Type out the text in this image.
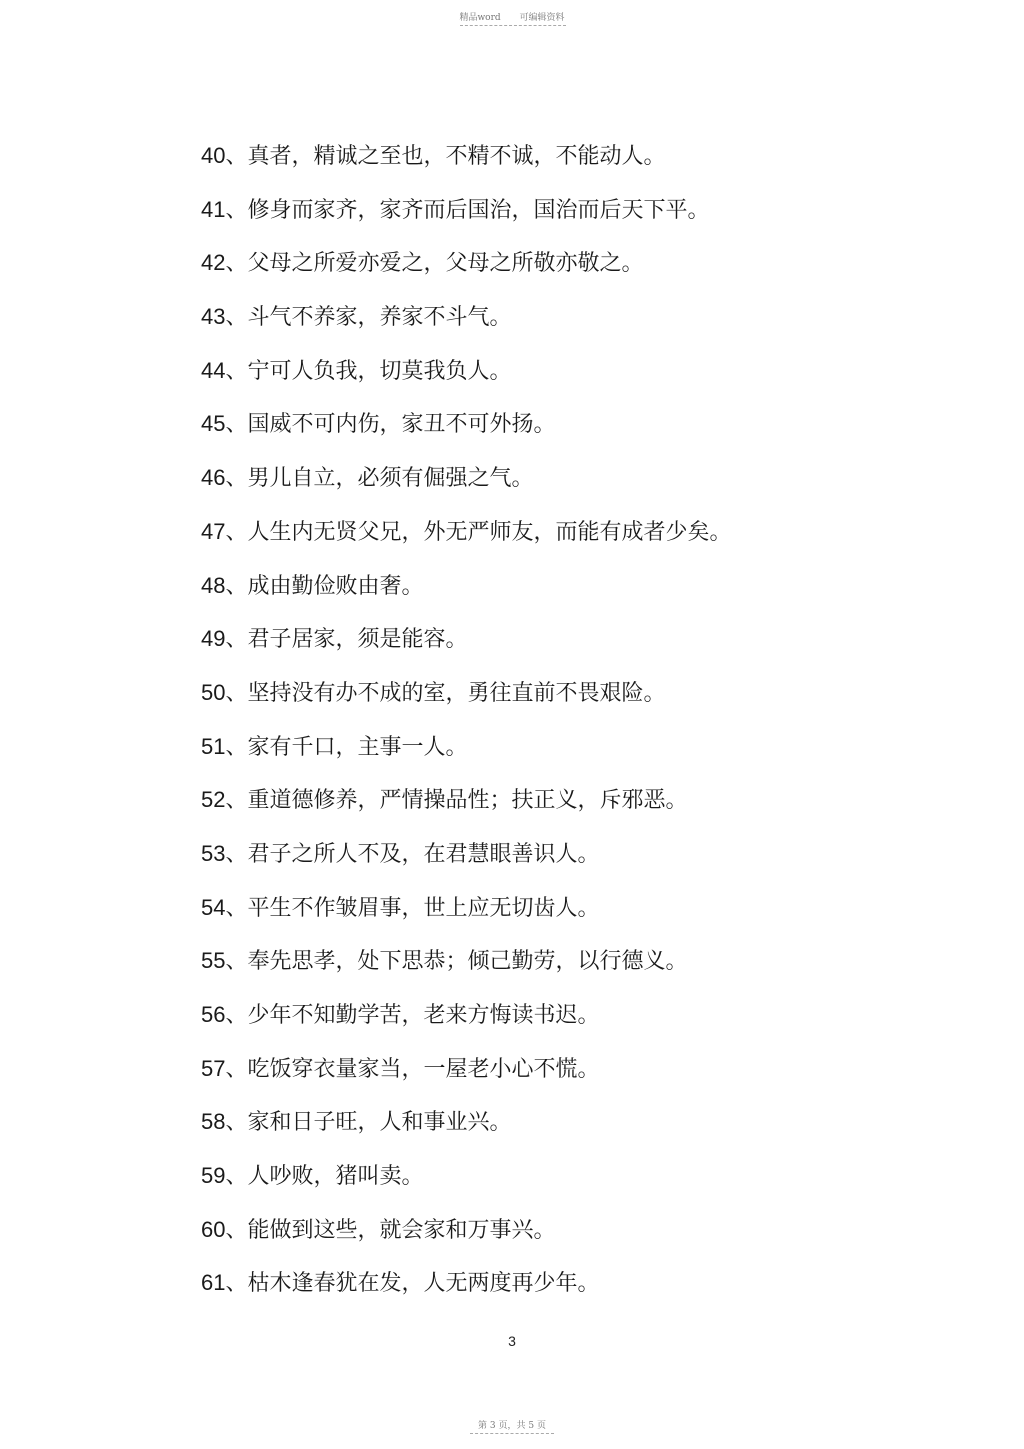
精品word 可编辑资料
40、真者，精诚之至也，不精不诚，不能动人。
41、修身而家齐，家齐而后国治，国治而后天下平。
42、父母之所爱亦爱之，父母之所敬亦敬之。
43、斗气不养家，养家不斗气。
44、宁可人负我，切莫我负人。
45、国威不可内伤，家丑不可外扬。
46、男儿自立，必须有倔强之气。
47、人生内无贤父兄，外无严师友，而能有成者少矣。
48、成由勤俭败由奢。
49、君子居家，须是能容。
50、坚持没有办不成的室，勇往直前不畏艰险。
51、家有千口，主事一人。
52、重道德修养，严情操品性；扶正义，斥邪恶。
53、君子之所人不及，在君慧眼善识人。
54、平生不作皱眉事，世上应无切齿人。
55、奉先思孝，处下思恭；倾己勤劳，以行德义。
56、少年不知勤学苦，老来方悔读书迟。
57、吃饭穿衣量家当，一屋老小心不慌。
58、家和日子旺，人和事业兴。
59、人吵败，猪叫卖。
60、能做到这些，就会家和万事兴。
61、枯木逢春犹在发，人无两度再少年。
3
第 3 页，共 5 页
